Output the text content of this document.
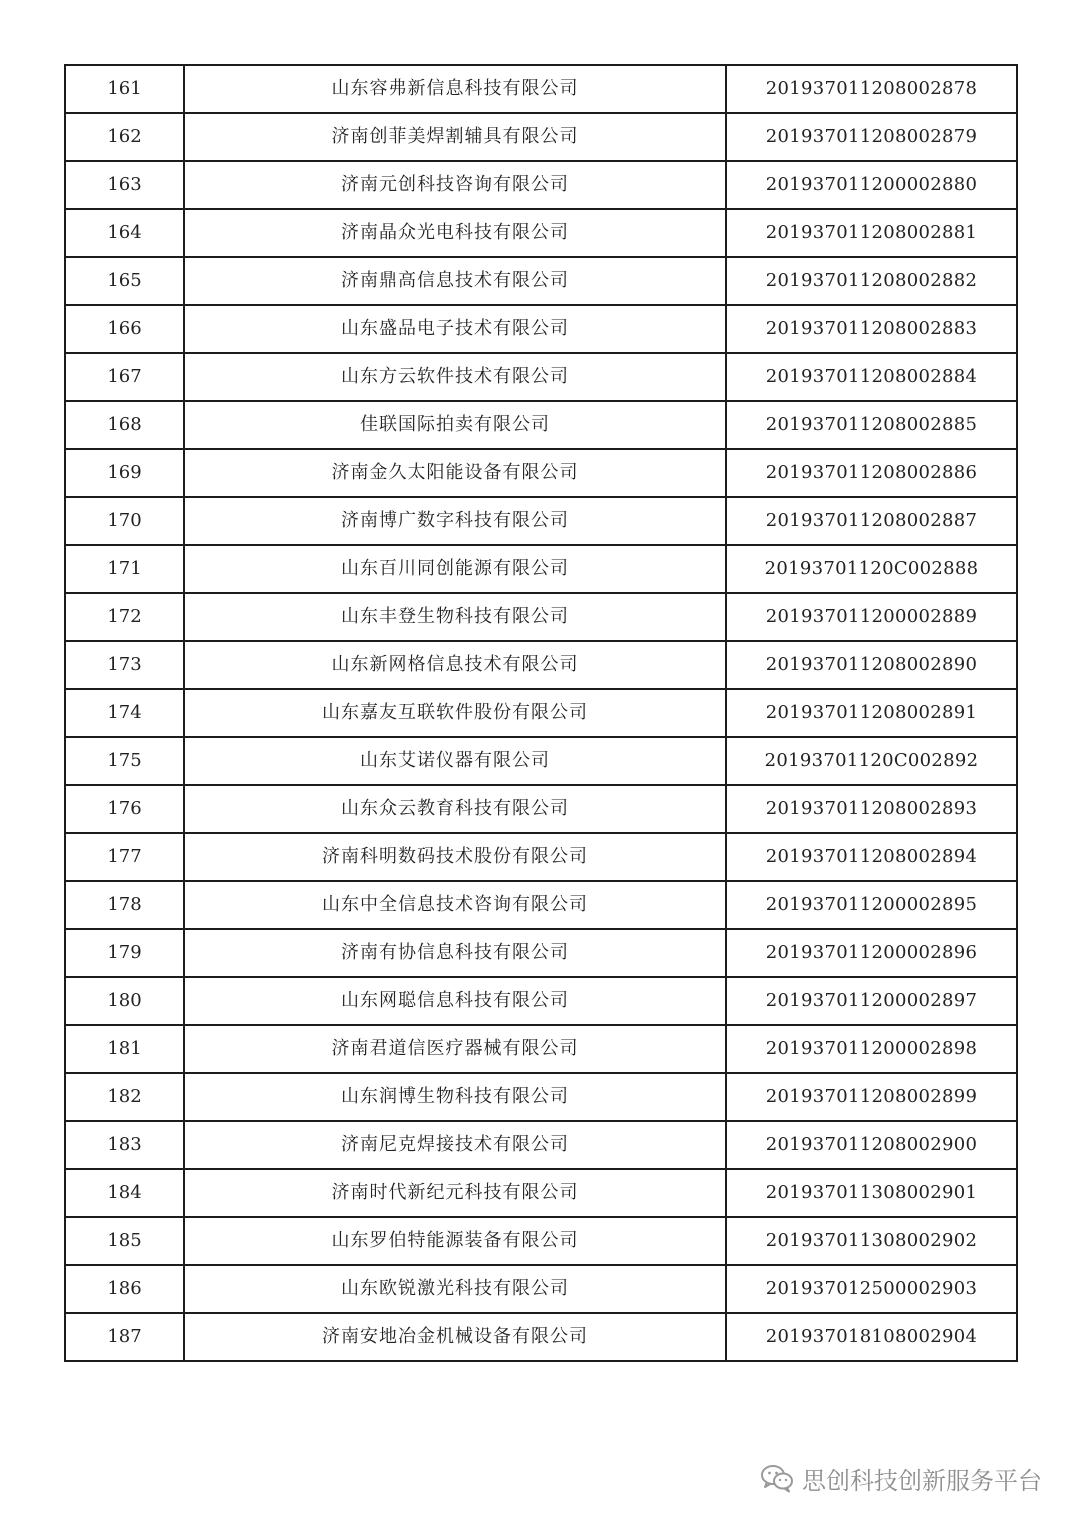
161	山东容弗新信息科技有限公司	201937011208002878
162	济南创菲美焊割辅具有限公司	201937011208002879
163	济南元创科技咨询有限公司	201937011200002880
164	济南晶众光电科技有限公司	201937011208002881
165	济南鼎高信息技术有限公司	201937011208002882
166	山东盛品电子技术有限公司	201937011208002883
167	山东方云软件技术有限公司	201937011208002884
168	佳联国际拍卖有限公司	201937011208002885
169	济南金久太阳能设备有限公司	201937011208002886
170	济南博广数字科技有限公司	201937011208002887
171	山东百川同创能源有限公司	20193701120C002888
172	山东丰登生物科技有限公司	201937011200002889
173	山东新网格信息技术有限公司	201937011208002890
174	山东嘉友互联软件股份有限公司	201937011208002891
175	山东艾诺仪器有限公司	20193701120C002892
176	山东众云教育科技有限公司	201937011208002893
177	济南科明数码技术股份有限公司	201937011208002894
178	山东中全信息技术咨询有限公司	201937011200002895
179	济南有协信息科技有限公司	201937011200002896
180	山东网聪信息科技有限公司	201937011200002897
181	济南君道信医疗器械有限公司	201937011200002898
182	山东润博生物科技有限公司	201937011208002899
183	济南尼克焊接技术有限公司	201937011208002900
184	济南时代新纪元科技有限公司	201937011308002901
185	山东罗伯特能源装备有限公司	201937011308002902
186	山东欧锐激光科技有限公司	201937012500002903
187	济南安地冶金机械设备有限公司	201937018108002904
思创科技创新服务平台
